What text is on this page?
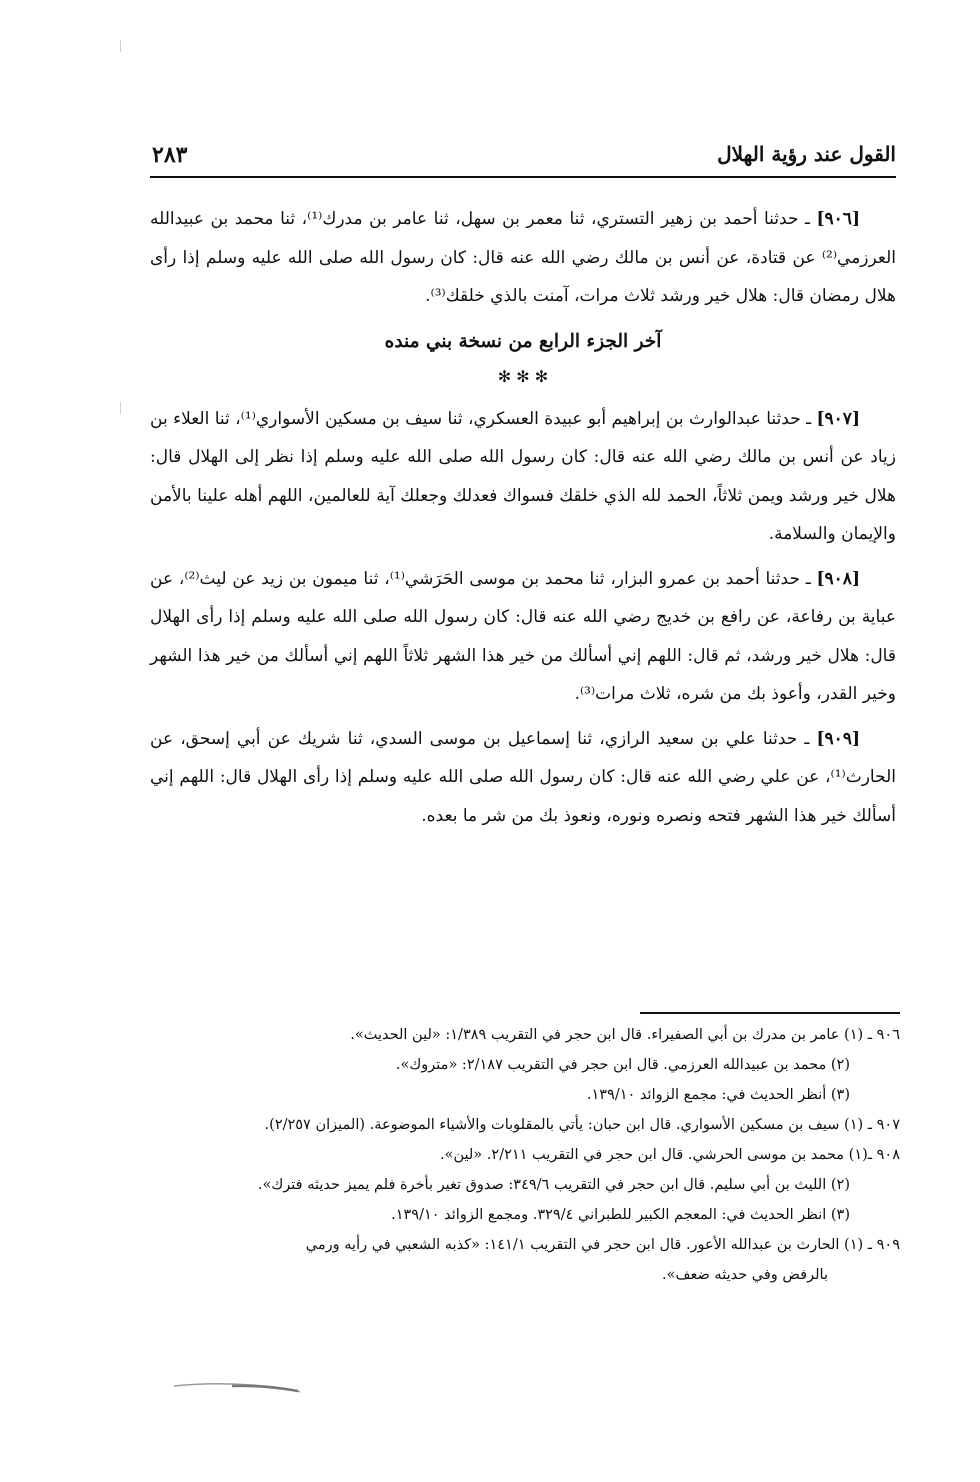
القول عند رؤية الهلال
٢٨٣

[٩٠٦] ـ حدثنا أحمد بن زهير التستري، ثنا معمر بن سهل، ثنا عامر بن مدرك⁽¹⁾، ثنا محمد بن عبيدالله العرزمي⁽²⁾ عن قتادة، عن أنس بن مالك رضي الله عنه قال: كان رسول الله صلى الله عليه وسلم إذا رأى هلال رمضان قال: هلال خير ورشد ثلاث مرات، آمنت بالذي خلقك⁽³⁾.

آخر الجزء الرابع من نسخة بني منده
✻ ✻ ✻

[٩٠٧] ـ حدثنا عبدالوارث بن إبراهيم أبو عبيدة العسكري، ثنا سيف بن مسكين الأسواري⁽¹⁾، ثنا العلاء بن زياد عن أنس بن مالك رضي الله عنه قال: كان رسول الله صلى الله عليه وسلم إذا نظر إلى الهلال قال: هلال خير ورشد ويمن ثلاثاً، الحمد لله الذي خلقك فسواك فعدلك وجعلك آية للعالمين، اللهم أهله علينا بالأمن والإيمان والسلامة.

[٩٠٨] ـ حدثنا أحمد بن عمرو البزار، ثنا محمد بن موسى الحَرَشي⁽¹⁾، ثنا ميمون بن زيد عن ليث⁽²⁾، عن عباية بن رفاعة، عن رافع بن خديج رضي الله عنه قال: كان رسول الله صلى الله عليه وسلم إذا رأى الهلال قال: هلال خير ورشد، ثم قال: اللهم إني أسألك من خير هذا الشهر ثلاثاً اللهم إني أسألك من خير هذا الشهر وخير القدر، وأعوذ بك من شره، ثلاث مرات⁽³⁾.

[٩٠٩] ـ حدثنا علي بن سعيد الرازي، ثنا إسماعيل بن موسى السدي، ثنا شريك عن أبي إسحق، عن الحارث⁽¹⁾، عن علي رضي الله عنه قال: كان رسول الله صلى الله عليه وسلم إذا رأى الهلال قال: اللهم إني أسألك خير هذا الشهر فتحه ونصره ونوره، ونعوذ بك من شر ما بعده.

٩٠٦ ـ (١) عامر بن مدرك بن أبي الصفيراء. قال ابن حجر في التقريب ١/٣٨٩: «لين الحديث».
(٢) محمد بن عبيدالله العرزمي. قال ابن حجر في التقريب ٢/١٨٧: «متروك».
(٣) أنظر الحديث في: مجمع الزوائد ١٣٩/١٠.
٩٠٧ ـ (١) سيف بن مسكين الأسواري. قال ابن حبان: يأتي بالمقلوبات والأشياء الموضوعة. (الميزان ٢/٢٥٧).
٩٠٨ ـ(١) محمد بن موسى الحرشي. قال ابن حجر في التقريب ٢/٢١١. «لين».
(٢) الليث بن أبي سليم. قال ابن حجر في التقريب ٣٤٩/٦: صدوق تغير بأخرة فلم يميز حديثه فترك».
(٣) انظر الحديث في: المعجم الكبير للطبراني ٣٢٩/٤. ومجمع الزوائد ١٣٩/١٠.
٩٠٩ ـ (١) الحارث بن عبدالله الأعور. قال ابن حجر في التقريب ١٤١/١: «كذبه الشعبي في رأيه ورمي
بالرفض وفي حديثه ضعف».
